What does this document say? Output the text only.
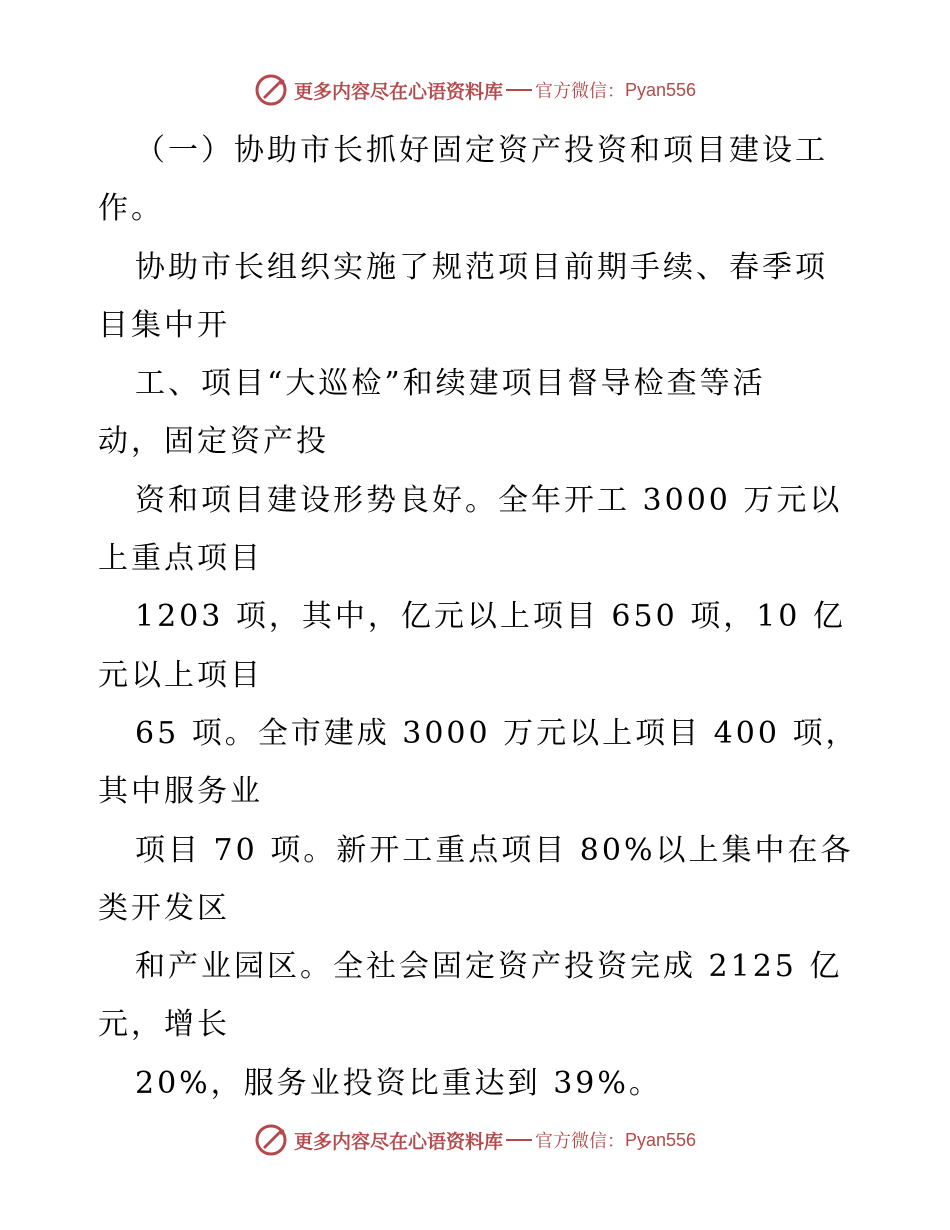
更多内容尽在心语资料库 官方微信： Pyan556
（一）协助市长抓好固定资产投资和项目建设工
作。
协助市长组织实施了规范项目前期手续、春季项
目集中开
工、项目“大巡检”和续建项目督导检查等活
动，固定资产投
资和项目建设形势良好。全年开工 3000 万元以
上重点项目
1203 项，其中，亿元以上项目 650 项，10 亿
元以上项目
65 项。全市建成 3000 万元以上项目 400 项，
其中服务业
项目 70 项。新开工重点项目 80%以上集中在各
类开发区
和产业园区。全社会固定资产投资完成 2125 亿
元，增长
20%，服务业投资比重达到 39%。
更多内容尽在心语资料库 官方微信： Pyan556
